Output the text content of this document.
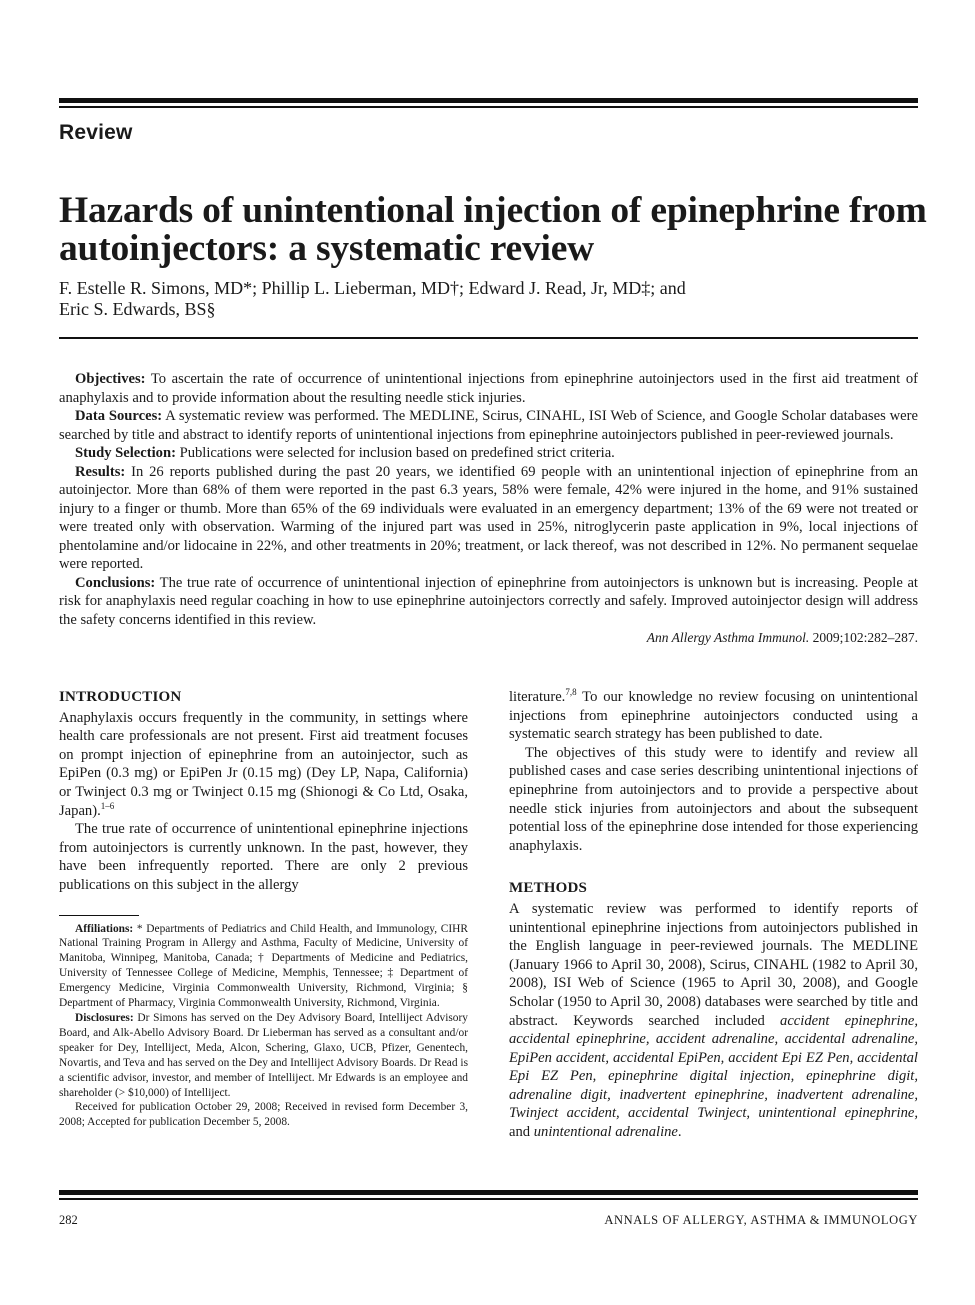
Review
Hazards of unintentional injection of epinephrine from autoinjectors: a systematic review
F. Estelle R. Simons, MD*; Phillip L. Lieberman, MD†; Edward J. Read, Jr, MD‡; and
Eric S. Edwards, BS§

Objectives: To ascertain the rate of occurrence of unintentional injections from epinephrine autoinjectors used in the first aid treatment of anaphylaxis and to provide information about the resulting needle stick injuries.

Data Sources: A systematic review was performed. The MEDLINE, Scirus, CINAHL, ISI Web of Science, and Google Scholar databases were searched by title and abstract to identify reports of unintentional injections from epinephrine autoinjectors published in peer-reviewed journals.

Study Selection: Publications were selected for inclusion based on predefined strict criteria.

Results: In 26 reports published during the past 20 years, we identified 69 people with an unintentional injection of epinephrine from an autoinjector. More than 68% of them were reported in the past 6.3 years, 58% were female, 42% were injured in the home, and 91% sustained injury to a finger or thumb. More than 65% of the 69 individuals were evaluated in an emergency department; 13% of the 69 were not treated or were treated only with observation. Warming of the injured part was used in 25%, nitroglycerin paste application in 9%, local injections of phentolamine and/or lidocaine in 22%, and other treatments in 20%; treatment, or lack thereof, was not described in 12%. No permanent sequelae were reported.

Conclusions: The true rate of occurrence of unintentional injection of epinephrine from autoinjectors is unknown but is increasing. People at risk for anaphylaxis need regular coaching in how to use epinephrine autoinjectors correctly and safely. Improved autoinjector design will address the safety concerns identified in this review.

Ann Allergy Asthma Immunol. 2009;102:282–287.
INTRODUCTION

Anaphylaxis occurs frequently in the community, in settings where health care professionals are not present. First aid treatment focuses on prompt injection of epinephrine from an autoinjector, such as EpiPen (0.3 mg) or EpiPen Jr (0.15 mg) (Dey LP, Napa, California) or Twinject 0.3 mg or Twinject 0.15 mg (Shionogi & Co Ltd, Osaka, Japan).$^{1-6}$

The true rate of occurrence of unintentional epinephrine injections from autoinjectors is currently unknown. In the past, however, they have been infrequently reported. There are only 2 previous publications on this subject in the allergy

Affiliations: * Departments of Pediatrics and Child Health, and Immunology, CIHR National Training Program in Allergy and Asthma, Faculty of Medicine, University of Manitoba, Winnipeg, Manitoba, Canada; † Departments of Medicine and Pediatrics, University of Tennessee College of Medicine, Memphis, Tennessee; ‡ Department of Emergency Medicine, Virginia Commonwealth University, Richmond, Virginia; § Department of Pharmacy, Virginia Commonwealth University, Richmond, Virginia.

Disclosures: Dr Simons has served on the Dey Advisory Board, Intelliject Advisory Board, and Alk-Abello Advisory Board. Dr Lieberman has served as a consultant and/or speaker for Dey, Intelliject, Meda, Alcon, Schering, Glaxo, UCB, Pfizer, Genentech, Novartis, and Teva and has served on the Dey and Intelliject Advisory Boards. Dr Read is a scientific advisor, investor, and member of Intelliject. Mr Edwards is an employee and shareholder (> $10,000) of Intelliject.

Received for publication October 29, 2008; Received in revised form December 3, 2008; Accepted for publication December 5, 2008.

literature.$^{7,8}$ To our knowledge no review focusing on unintentional injections from epinephrine autoinjectors conducted using a systematic search strategy has been published to date.

The objectives of this study were to identify and review all published cases and case series describing unintentional injections of epinephrine from autoinjectors and to provide a perspective about needle stick injuries from autoinjectors and about the subsequent potential loss of the epinephrine dose intended for those experiencing anaphylaxis.

METHODS

A systematic review was performed to identify reports of unintentional epinephrine injections from autoinjectors published in the English language in peer-reviewed journals. The MEDLINE (January 1966 to April 30, 2008), Scirus, CINAHL (1982 to April 30, 2008), ISI Web of Science (1965 to April 30, 2008), and Google Scholar (1950 to April 30, 2008) databases were searched by title and abstract. Keywords searched included accident epinephrine, accidental epinephrine, accident adrenaline, accidental adrenaline, EpiPen accident, accidental EpiPen, accident Epi EZ Pen, accidental Epi EZ Pen, epinephrine digital injection, epinephrine digit, adrenaline digit, inadvertent epinephrine, inadvertent adrenaline, Twinject accident, accidental Twinject, unintentional epinephrine, and unintentional adrenaline.

282	ANNALS OF ALLERGY, ASTHMA & IMMUNOLOGY
